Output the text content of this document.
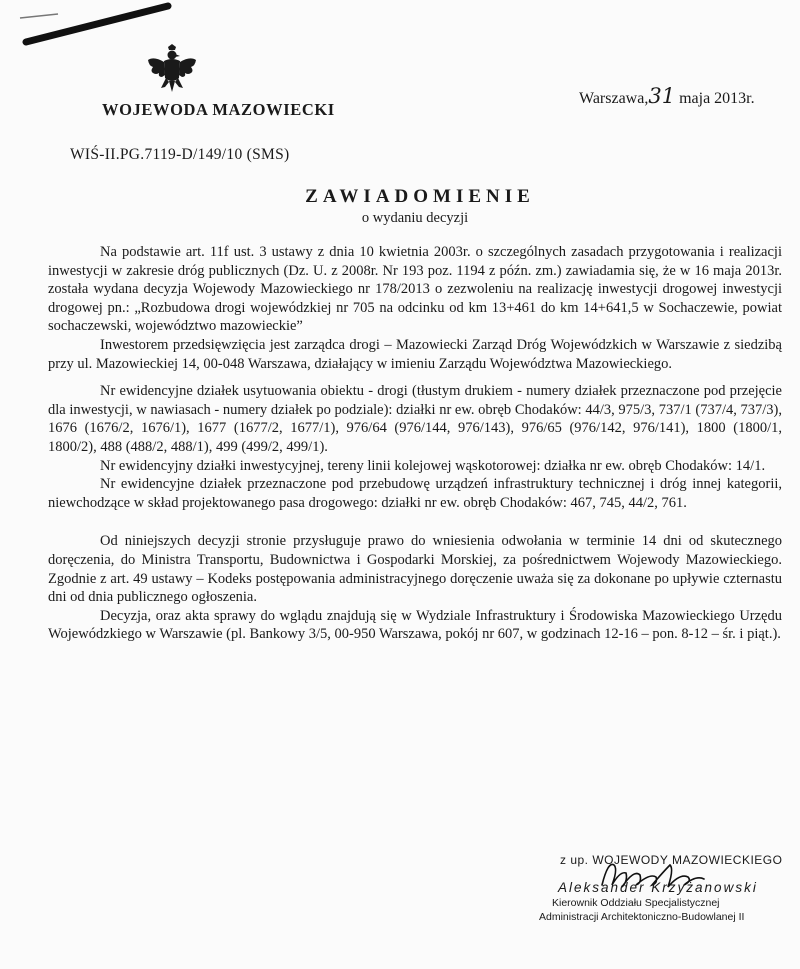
WOJEWODA MAZOWIECKI
Warszawa,31 maja 2013r.
WIŚ-II.PG.7119-D/149/10 (SMS)
ZAWIADOMIENIE
o wydaniu decyzji

Na podstawie art. 11f ust. 3 ustawy z dnia 10 kwietnia 2003r. o szczególnych zasadach przygotowania i realizacji inwestycji w zakresie dróg publicznych (Dz. U. z 2008r. Nr 193 poz. 1194 z późn. zm.) zawiadamia się, że w 16 maja 2013r. została wydana decyzja Wojewody Mazowieckiego nr 178/2013 o zezwoleniu na realizację inwestycji drogowej inwestycji drogowej pn.: „Rozbudowa drogi wojewódzkiej nr 705 na odcinku od km 13+461 do km 14+641,5 w Sochaczewie, powiat sochaczewski, województwo mazowieckie”

Inwestorem przedsięwzięcia jest zarządca drogi – Mazowiecki Zarząd Dróg Wojewódzkich w Warszawie z siedzibą przy ul. Mazowieckiej 14, 00-048 Warszawa, działający w imieniu Zarządu Województwa Mazowieckiego.

Nr ewidencyjne działek usytuowania obiektu - drogi (tłustym drukiem - numery działek przeznaczone pod przejęcie dla inwestycji, w nawiasach - numery działek po podziale): działki nr ew. obręb Chodaków: 44/3, 975/3, 737/1 (737/4, 737/3), 1676 (1676/2, 1676/1), 1677 (1677/2, 1677/1), 976/64 (976/144, 976/143), 976/65 (976/142, 976/141), 1800 (1800/1, 1800/2), 488 (488/2, 488/1), 499 (499/2, 499/1).

Nr ewidencyjny działki inwestycyjnej, tereny linii kolejowej wąskotorowej: działka nr ew. obręb Chodaków: 14/1.

Nr ewidencyjne działek przeznaczone pod przebudowę urządzeń infrastruktury technicznej i dróg innej kategorii, niewchodzące w skład projektowanego pasa drogowego: działki nr ew. obręb Chodaków: 467, 745, 44/2, 761.

Od niniejszych decyzji stronie przysługuje prawo do wniesienia odwołania w terminie 14 dni od skutecznego doręczenia, do Ministra Transportu, Budownictwa i Gospodarki Morskiej, za pośrednictwem Wojewody Mazowieckiego. Zgodnie z art. 49 ustawy – Kodeks postępowania administracyjnego doręczenie uważa się za dokonane po upływie czternastu dni od dnia publicznego ogłoszenia.

Decyzja, oraz akta sprawy do wglądu znajdują się w Wydziale Infrastruktury i Środowiska Mazowieckiego Urzędu Wojewódzkiego w Warszawie (pl. Bankowy 3/5, 00-950 Warszawa, pokój nr 607, w godzinach 12-16 – pon. 8-12 – śr. i piąt.).

z up. WOJEWODY MAZOWIECKIEGO
Aleksander Krzyżanowski
Kierownik Oddziału Specjalistycznej
Administracji Architektoniczno-Budowlanej II
